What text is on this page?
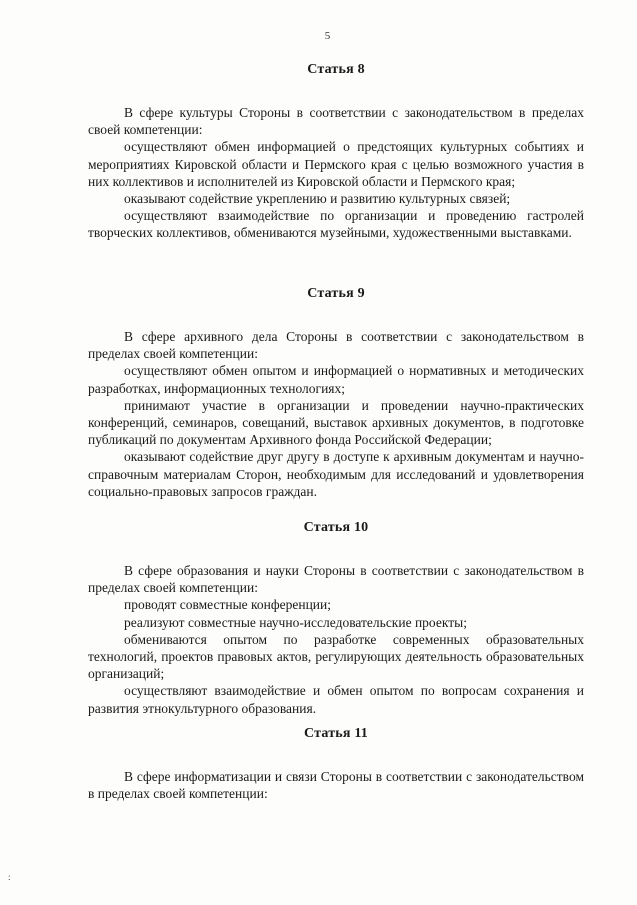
5

Статья 8

В сфере культуры Стороны в соответствии с законодательством в пределах своей компетенции:

осуществляют обмен информацией о предстоящих культурных событиях и мероприятиях Кировской области и Пермского края с целью возможного участия в них коллективов и исполнителей из Кировской области и Пермского края;

оказывают содействие укреплению и развитию культурных связей;

осуществляют взаимодействие по организации и проведению гастролей творческих коллективов, обмениваются музейными, художественными выставками.

Статья 9

В сфере архивного дела Стороны в соответствии с законодательством в пределах своей компетенции:

осуществляют обмен опытом и информацией о нормативных и методических разработках, информационных технологиях;

принимают участие в организации и проведении научно-практических конференций, семинаров, совещаний, выставок архивных документов, в подготовке публикаций по документам Архивного фонда Российской Федерации;

оказывают содействие друг другу в доступе к архивным документам и научно-справочным материалам Сторон, необходимым для исследований и удовлетворения социально-правовых запросов граждан.

Статья 10

В сфере образования и науки Стороны в соответствии с законодательством в пределах своей компетенции:

проводят совместные конференции;

реализуют совместные научно-исследовательские проекты;

обмениваются опытом по разработке современных образовательных технологий, проектов правовых актов, регулирующих деятельность образовательных организаций;

осуществляют взаимодействие и обмен опытом по вопросам сохранения и развития этнокультурного образования.

Статья 11

В сфере информатизации и связи Стороны в соответствии с законодательством в пределах своей компетенции:

:
